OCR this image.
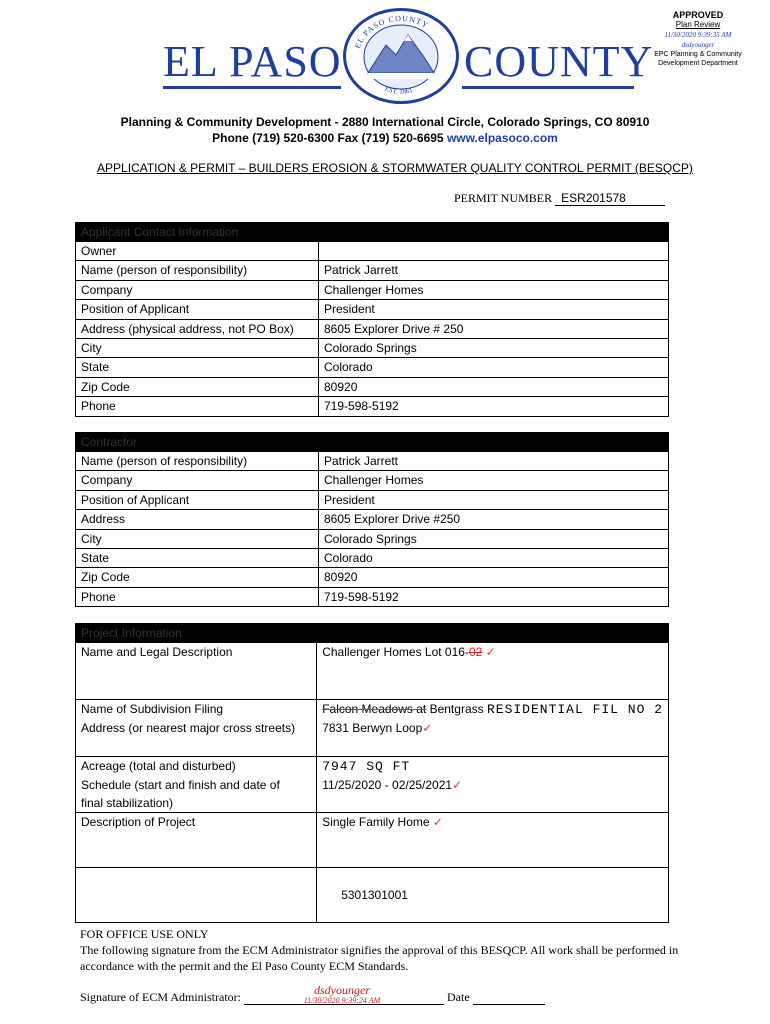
EL PASO	COUNTY
EL PASO COUNTY
EST. 1861
APPROVED
Plan Review
11/30/2020 9:39:35 AM
dsdyounger
EPC Planning & Community Development Department
Planning & Community Development - 2880 International Circle, Colorado Springs, CO 80910
Phone (719) 520-6300 Fax (719) 520-6695 www.elpasoco.com
APPLICATION & PERMIT – BUILDERS EROSION & STORMWATER QUALITY CONTROL PERMIT (BESQCP)
PERMIT NUMBER ESR201578
Applicant Contact Information	
Owner	
Name (person of responsibility)	Patrick Jarrett
Company	Challenger Homes
Position of Applicant	President
Address (physical address, not PO Box)	8605 Explorer Drive # 250
City	Colorado Springs
State	Colorado
Zip Code	80920
Phone	719-598-5192
Contractor	
Name (person of responsibility)	Patrick Jarrett
Company	Challenger Homes
Position of Applicant	President
Address	8605 Explorer Drive #250
City	Colorado Springs
State	Colorado
Zip Code	80920
Phone	719-598-5192
Project Information	
Name and Legal Description	Challenger Homes Lot 016-02 ✓
Name of Subdivision Filing	Falcon Meadows at Bentgrass RESIDENTIAL FIL NO 2
Address (or nearest major cross streets)	7831 Berwyn Loop✓
Acreage (total and disturbed)	7947 SQ FT

Schedule (start and finish and date of
final stabilization)	11/25/2020 - 02/25/2021✓
Description of Project	Single Family Home ✓
	5301301001
FOR OFFICE USE ONLY
The following signature from the ECM Administrator signifies the approval of this BESQCP. All work shall be performed in accordance with the permit and the El Paso County ECM Standards.
Signature of ECM Administrator:	Date
dsdyounger
11/30/2020 9:39:24 AM
